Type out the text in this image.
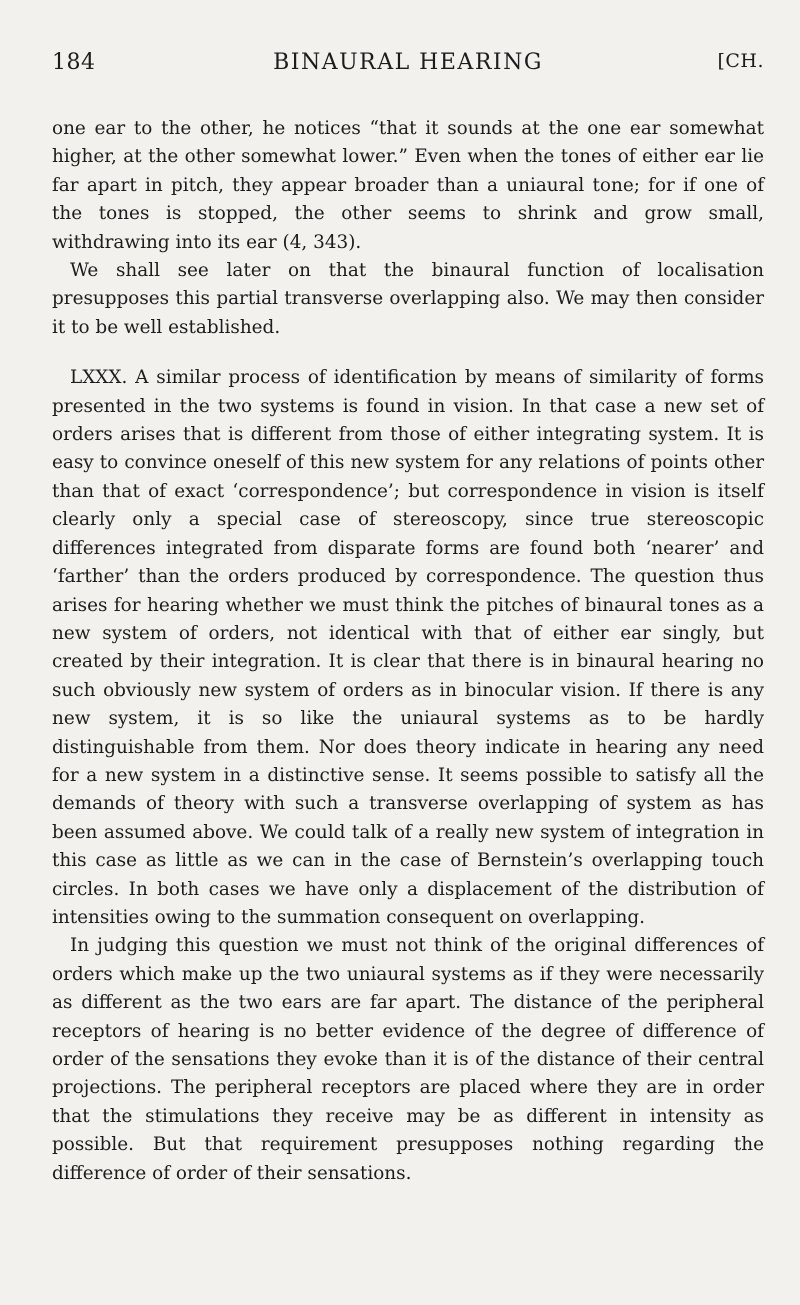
184	BINAURAL HEARING	[CH.

one ear to the other, he notices “that it sounds at the one ear somewhat higher, at the other somewhat lower.” Even when the tones of either ear lie far apart in pitch, they appear broader than a uniaural tone; for if one of the tones is stopped, the other seems to shrink and grow small, withdrawing into its ear (4, 343).

We shall see later on that the binaural function of localisation presupposes this partial transverse overlapping also. We may then consider it to be well established.

LXXX. A similar process of identification by means of similarity of forms presented in the two systems is found in vision. In that case a new set of orders arises that is different from those of either integrating system. It is easy to convince oneself of this new system for any relations of points other than that of exact ‘correspondence’; but correspondence in vision is itself clearly only a special case of stereoscopy, since true stereoscopic differences integrated from disparate forms are found both ‘nearer’ and ‘farther’ than the orders produced by correspondence. The question thus arises for hearing whether we must think the pitches of binaural tones as a new system of orders, not identical with that of either ear singly, but created by their integration. It is clear that there is in binaural hearing no such obviously new system of orders as in binocular vision. If there is any new system, it is so like the uniaural systems as to be hardly distinguishable from them. Nor does theory indicate in hearing any need for a new system in a distinctive sense. It seems possible to satisfy all the demands of theory with such a transverse overlapping of system as has been assumed above. We could talk of a really new system of integration in this case as little as we can in the case of Bernstein’s overlapping touch circles. In both cases we have only a displacement of the distribution of intensities owing to the summation consequent on overlapping.

In judging this question we must not think of the original differences of orders which make up the two uniaural systems as if they were necessarily as different as the two ears are far apart. The distance of the peripheral receptors of hearing is no better evidence of the degree of difference of order of the sensations they evoke than it is of the distance of their central projections. The peripheral receptors are placed where they are in order that the stimulations they receive may be as different in intensity as possible. But that requirement presupposes nothing regarding the difference of order of their sensations.
